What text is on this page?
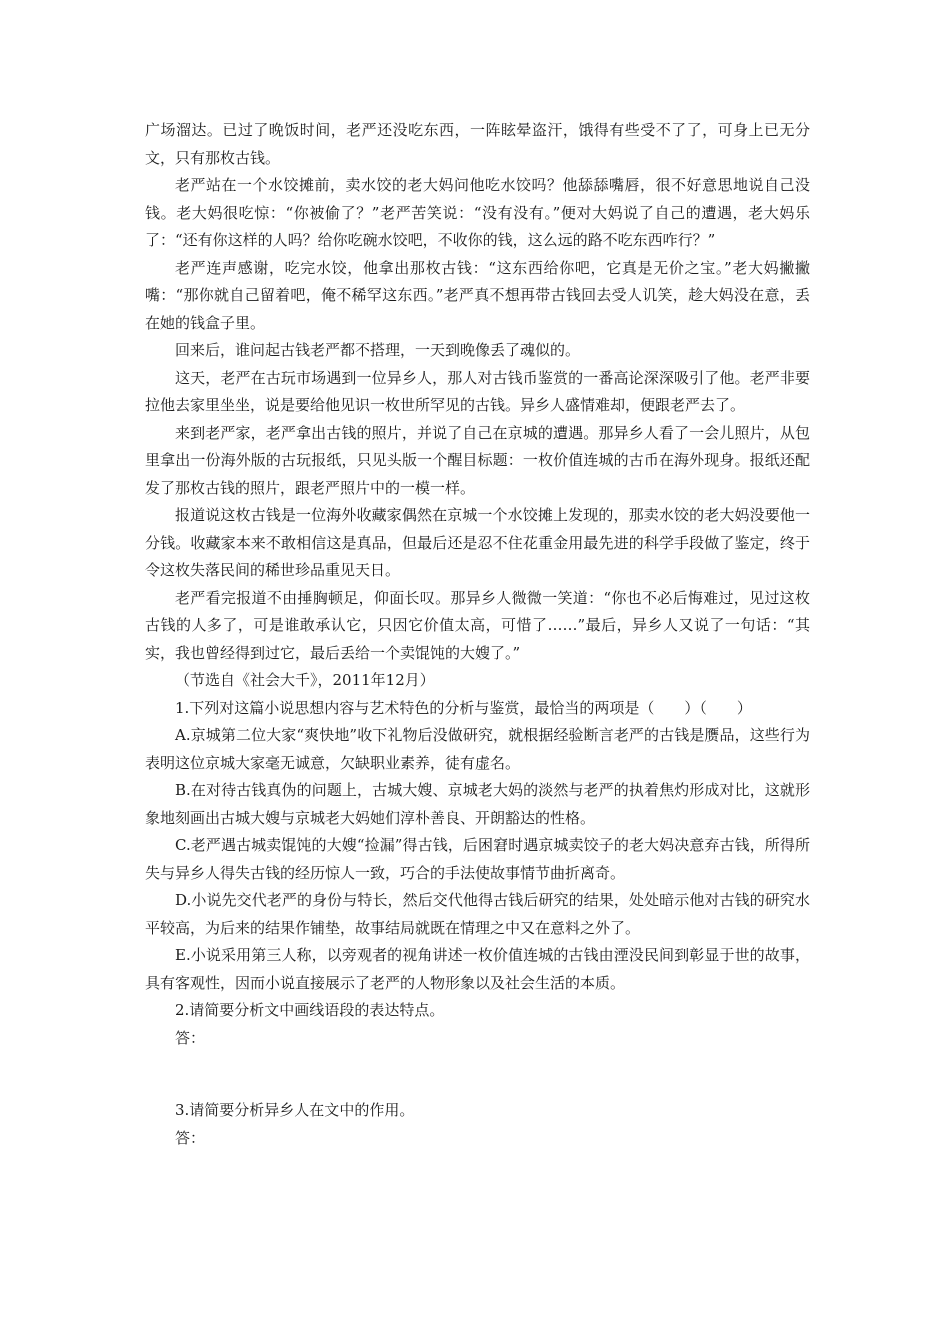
广场溜达。已过了晚饭时间，老严还没吃东西，一阵眩晕盗汗，饿得有些受不了了，可身上已无分文，只有那枚古钱。

老严站在一个水饺摊前，卖水饺的老大妈问他吃水饺吗？他舔舔嘴唇，很不好意思地说自己没钱。老大妈很吃惊：“你被偷了？”老严苦笑说：“没有没有。”便对大妈说了自己的遭遇，老大妈乐了：“还有你这样的人吗？给你吃碗水饺吧，不收你的钱，这么远的路不吃东西咋行？”

老严连声感谢，吃完水饺，他拿出那枚古钱：“这东西给你吧，它真是无价之宝。”老大妈撇撇嘴：“那你就自己留着吧，俺不稀罕这东西。”老严真不想再带古钱回去受人讥笑，趁大妈没在意，丢在她的钱盒子里。

回来后，谁问起古钱老严都不搭理，一天到晚像丢了魂似的。

这天，老严在古玩市场遇到一位异乡人，那人对古钱币鉴赏的一番高论深深吸引了他。老严非要拉他去家里坐坐，说是要给他见识一枚世所罕见的古钱。异乡人盛情难却，便跟老严去了。

来到老严家，老严拿出古钱的照片，并说了自己在京城的遭遇。那异乡人看了一会儿照片，从包里拿出一份海外版的古玩报纸，只见头版一个醒目标题：一枚价值连城的古币在海外现身。报纸还配发了那枚古钱的照片，跟老严照片中的一模一样。

报道说这枚古钱是一位海外收藏家偶然在京城一个水饺摊上发现的，那卖水饺的老大妈没要他一分钱。收藏家本来不敢相信这是真品，但最后还是忍不住花重金用最先进的科学手段做了鉴定，终于令这枚失落民间的稀世珍品重见天日。

老严看完报道不由捶胸顿足，仰面长叹。那异乡人微微一笑道：“你也不必后悔难过，见过这枚古钱的人多了，可是谁敢承认它，只因它价值太高，可惜了……”最后，异乡人又说了一句话：“其实，我也曾经得到过它，最后丢给一个卖馄饨的大嫂了。”

（节选自《社会大千》，2011年12月）

1.下列对这篇小说思想内容与艺术特色的分析与鉴赏，最恰当的两项是（　　）（　　）

A.京城第二位大家“爽快地”收下礼物后没做研究，就根据经验断言老严的古钱是赝品，这些行为表明这位京城大家毫无诚意，欠缺职业素养，徒有虚名。

B.在对待古钱真伪的问题上，古城大嫂、京城老大妈的淡然与老严的执着焦灼形成对比，这就形象地刻画出古城大嫂与京城老大妈她们淳朴善良、开朗豁达的性格。

C.老严遇古城卖馄饨的大嫂“捡漏”得古钱，后困窘时遇京城卖饺子的老大妈决意弃古钱，所得所失与异乡人得失古钱的经历惊人一致，巧合的手法使故事情节曲折离奇。

D.小说先交代老严的身份与特长，然后交代他得古钱后研究的结果，处处暗示他对古钱的研究水平较高，为后来的结果作铺垫，故事结局就既在情理之中又在意料之外了。

E.小说采用第三人称，以旁观者的视角讲述一枚价值连城的古钱由湮没民间到彰显于世的故事，具有客观性，因而小说直接展示了老严的人物形象以及社会生活的本质。

2.请简要分析文中画线语段的表达特点。

答：

3.请简要分析异乡人在文中的作用。

答：
